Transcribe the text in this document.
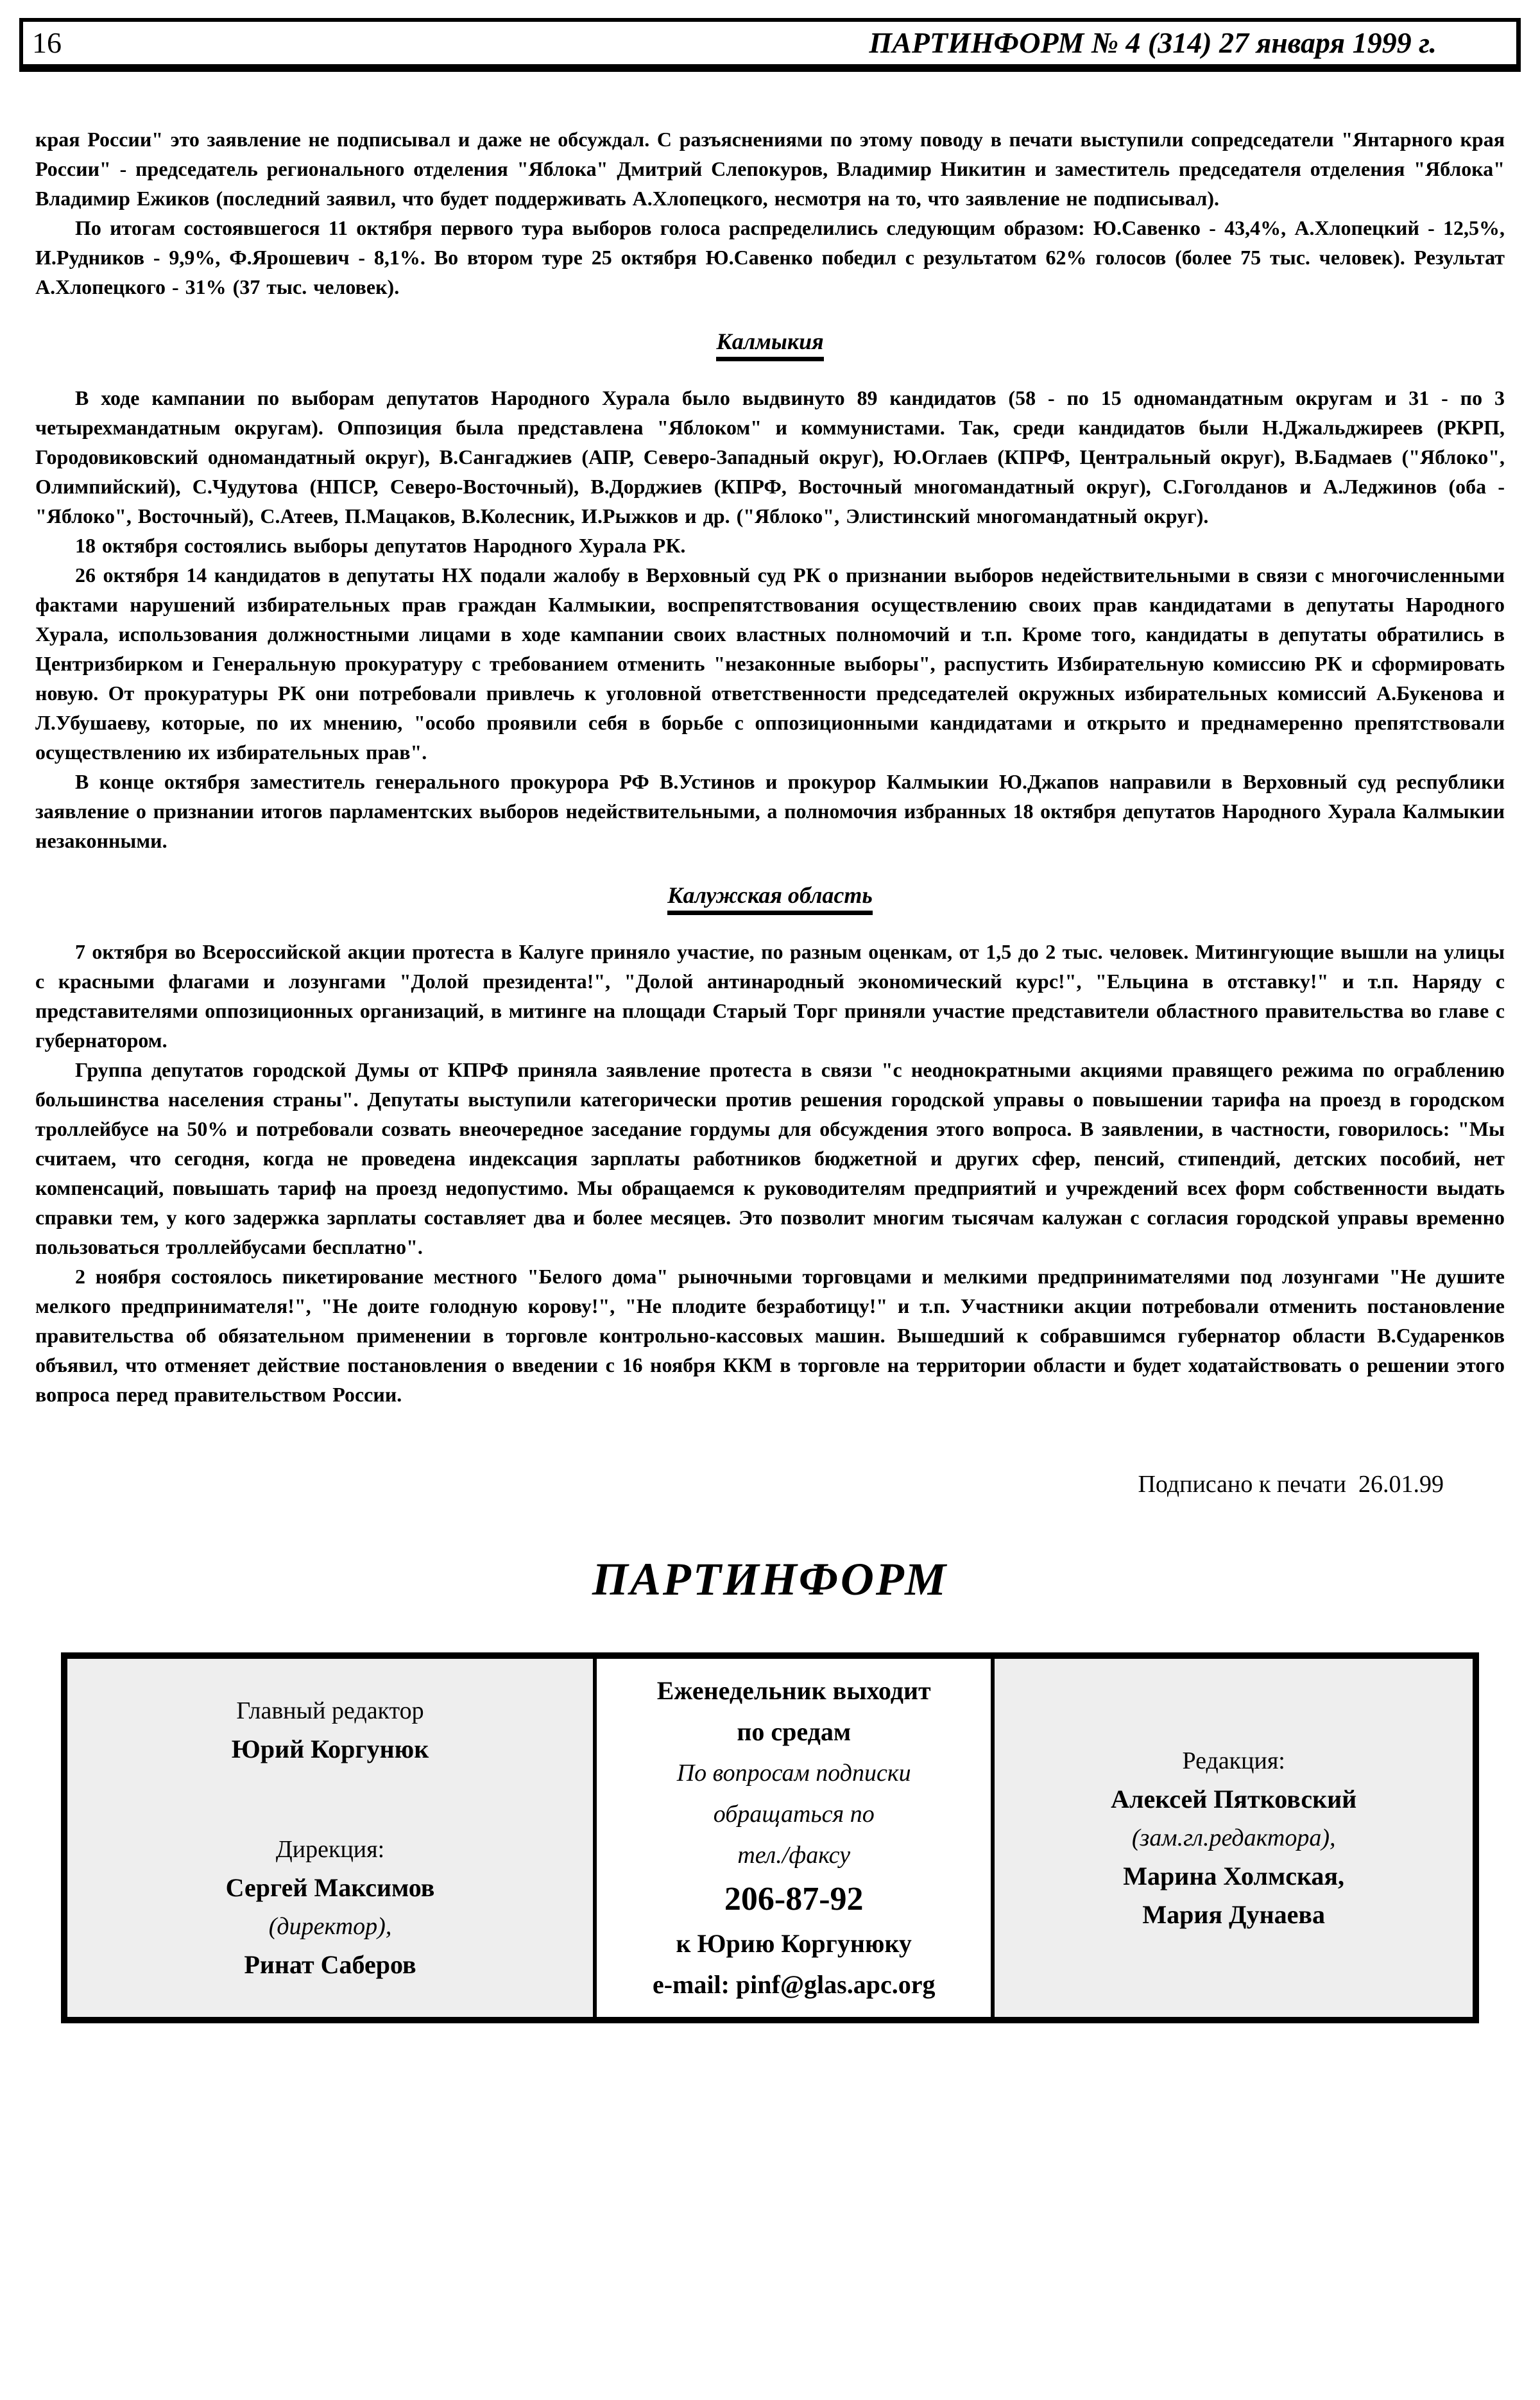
16	ПАРТИНФОРМ № 4 (314) 27 января 1999 г.

края России" это заявление не подписывал и даже не обсуждал. С разъяснениями по этому поводу в печати выступили сопредседатели "Янтарного края России" - председатель регионального отделения "Яблока" Дмитрий Слепокуров, Владимир Никитин и заместитель председателя отделения "Яблока" Владимир Ежиков (последний заявил, что будет поддерживать А.Хлопецкого, несмотря на то, что заявление не подписывал).

По итогам состоявшегося 11 октября первого тура выборов голоса распределились следующим образом: Ю.Савенко - 43,4%, А.Хлопецкий - 12,5%, И.Рудников - 9,9%, Ф.Ярошевич - 8,1%. Во втором туре 25 октября Ю.Савенко победил с результатом 62% голосов (более 75 тыс. человек). Результат А.Хлопецкого - 31% (37 тыс. человек).

Калмыкия

В ходе кампании по выборам депутатов Народного Хурала было выдвинуто 89 кандидатов (58 - по 15 одномандатным округам и 31 - по 3 четырехмандатным округам). Оппозиция была представлена "Яблоком" и коммунистами. Так, среди кандидатов были Н.Джальджиреев (РКРП, Городовиковский одномандатный округ), В.Сангаджиев (АПР, Северо-Западный округ), Ю.Оглаев (КПРФ, Центральный округ), В.Бадмаев ("Яблоко", Олимпийский), С.Чудутова (НПСР, Северо-Восточный), В.Дорджиев (КПРФ, Восточный многомандатный округ), С.Гоголданов и А.Леджинов (оба - "Яблоко", Восточный), С.Атеев, П.Мацаков, В.Колесник, И.Рыжков и др. ("Яблоко", Элистинский многомандатный округ).

18 октября состоялись выборы депутатов Народного Хурала РК.

26 октября 14 кандидатов в депутаты НХ подали жалобу в Верховный суд РК о признании выборов недействительными в связи с многочисленными фактами нарушений избирательных прав граждан Калмыкии, воспрепятствования осуществлению своих прав кандидатами в депутаты Народного Хурала, использования должностными лицами в ходе кампании своих властных полномочий и т.п. Кроме того, кандидаты в депутаты обратились в Центризбирком и Генеральную прокуратуру с требованием отменить "незаконные выборы", распустить Избирательную комиссию РК и сформировать новую. От прокуратуры РК они потребовали привлечь к уголовной ответственности председателей окружных избирательных комиссий А.Букенова и Л.Убушаеву, которые, по их мнению, "особо проявили себя в борьбе с оппозиционными кандидатами и открыто и преднамеренно препятствовали осуществлению их избирательных прав".

В конце октября заместитель генерального прокурора РФ В.Устинов и прокурор Калмыкии Ю.Джапов направили в Верховный суд республики заявление о признании итогов парламентских выборов недействительными, а полномочия избранных 18 октября депутатов Народного Хурала Калмыкии незаконными.

Калужская область

7 октября во Всероссийской акции протеста в Калуге приняло участие, по разным оценкам, от 1,5 до 2 тыс. человек. Митингующие вышли на улицы с красными флагами и лозунгами "Долой президента!", "Долой антинародный экономический курс!", "Ельцина в отставку!" и т.п. Наряду с представителями оппозиционных организаций, в митинге на площади Старый Торг приняли участие представители областного правительства во главе с губернатором.

Группа депутатов городской Думы от КПРФ приняла заявление протеста в связи "с неоднократными акциями правящего режима по ограблению большинства населения страны". Депутаты выступили категорически против решения городской управы о повышении тарифа на проезд в городском троллейбусе на 50% и потребовали созвать внеочередное заседание гордумы для обсуждения этого вопроса. В заявлении, в частности, говорилось: "Мы считаем, что сегодня, когда не проведена индексация зарплаты работников бюджетной и других сфер, пенсий, стипендий, детских пособий, нет компенсаций, повышать тариф на проезд недопустимо. Мы обращаемся к руководителям предприятий и учреждений всех форм собственности выдать справки тем, у кого задержка зарплаты составляет два и более месяцев. Это позволит многим тысячам калужан с согласия городской управы временно пользоваться троллейбусами бесплатно".

2 ноября состоялось пикетирование местного "Белого дома" рыночными торговцами и мелкими предпринимателями под лозунгами "Не душите мелкого предпринимателя!", "Не доите голодную корову!", "Не плодите безработицу!" и т.п. Участники акции потребовали отменить постановление правительства об обязательном применении в торговле контрольно-кассовых машин. Вышедший к собравшимся губернатор области В.Сударенков объявил, что отменяет действие постановления о введении с 16 ноября ККМ в торговле на территории области и будет ходатайствовать о решении этого вопроса перед правительством России.

Подписано к печати  26.01.99

ПАРТИНФОРМ
Главный редактор
Юрий Коргунюк
Дирекция:
Сергей Максимов
(директор),
Ринат Саберов
Еженедельник выходит
по средам
По вопросам подписки
обращаться по
тел./факсу
206-87-92
к Юрию Коргунюку
e-mail: pinf@glas.apc.org
Редакция:
Алексей Пятковский
(зам.гл.редактора),
Марина Холмская,
Мария Дунаева
